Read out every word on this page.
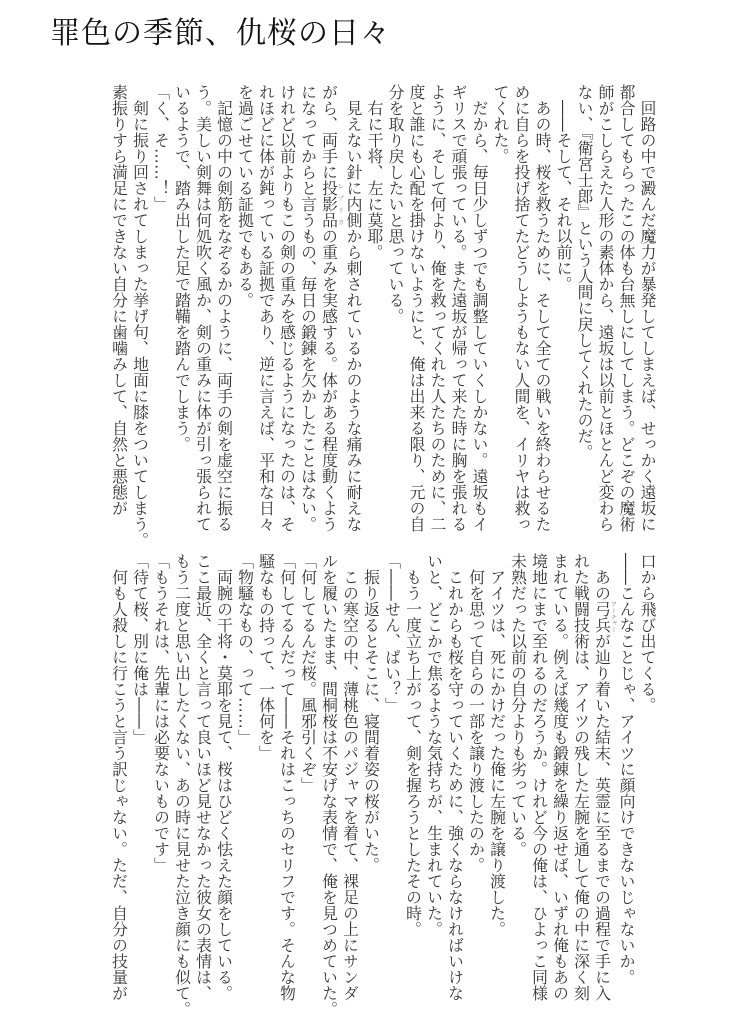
罪色の季節、仇桜の日々
　回路の中で澱んだ魔力が暴発してしまえば、せっかく遠坂に
都合してもらったこの体も台無しにしてしまう。どこぞの魔術
師がこしらえた人形の素体から、遠坂は以前とほとんど変わら
ない、『衛宮士郎』という人間に戻してくれたのだ。
　――そして、それ以前に。
　あの時、桜を救うために、そして全ての戦いを終わらせるた
めに自らを投げ捨てたどうしようもない人間を、イリヤは救っ
てくれた。
　だから、毎日少しずつでも調整していくしかない。遠坂もイ
ギリスで頑張っている。また遠坂が帰って来た時に胸を張れる
ように、そして何より、俺を救ってくれた人たちのために、二
度と誰にも心配を掛けないようにと、俺は出来る限り、元の自
分を取り戻したいと思っている。
　右に干将、左に莫耶。
　見えない針に内側から刺されているかのような痛みに耐えな
がら、両手に投影品レプリカの重みを実感する。体がある程度動くよう
になってからと言うもの、毎日の鍛錬を欠かしたことはない。
けれど以前よりもこの剣の重みを感じるようになったのは、そ
れほどに体が鈍っている証拠であり、逆に言えば、平和な日々
を過ごせている証拠でもある。
　記憶の中の剣筋をなぞるかのように、両手の剣を虚空に振る
う。美しい剣舞は何処吹く風か、剣の重みに体が引っ張られて
いるようで、踏み出した足で踏鞴を踏んでしまう。
「く、そ……！」
　剣に振り回されてしまった挙げ句、地面に膝をついてしまう。
素振りすら満足にできない自分に歯噛みして、自然と悪態が
口から飛び出てくる。
――こんなことじゃ、アイツに顔向けできないじゃないか。
　あの弓兵アーチャーが辿り着いた結末、英霊に至るまでの過程で手に入
れた戦闘技術は、アイツの残した左腕を通して俺の中に深く刻
まれている。例えば幾度も鍛錬を繰り返せば、いずれ俺もあの
境地にまで至れるのだろうか。けれど今の俺は、ひよっこ同様
未熟だった以前の自分よりも劣っている。
　アイツは、死にかけだった俺に左腕を譲り渡した。
　何を思って自らの一部を譲り渡したのか。
　これからも桜を守っていくために、強くならなければいけな
いと、どこかで焦るような気持ちが、生まれていた。
　もう一度立ち上がって、剣を握ろうとしたその時。
「――せん、ぱい？」
　振り返るとそこに、寝間着姿の桜がいた。
　この寒空の中、薄桃色のパジャマを着て、裸足の上にサンダ
ルを履いたまま、間桐桜は不安げな表情で、俺を見つめていた。
「何してるんだ桜。風邪引くぞ」
「何してるんだって――それはこっちのセリフです。そんな物
騒なもの持って、一体何を」
「物騒なもの、って……」
　両腕の干将・莫耶を見て、桜はひどく怯えた顔をしている。
ここ最近、全くと言って良いほど見せなかった彼女の表情は、
もう二度と思い出したくない、あの時に見せた泣き顔にも似て。
「もうそれは、先輩には必要ないものです」
「待て桜、別に俺は――」
　何も人殺しに行こうと言う訳じゃない。ただ、自分の技量が
